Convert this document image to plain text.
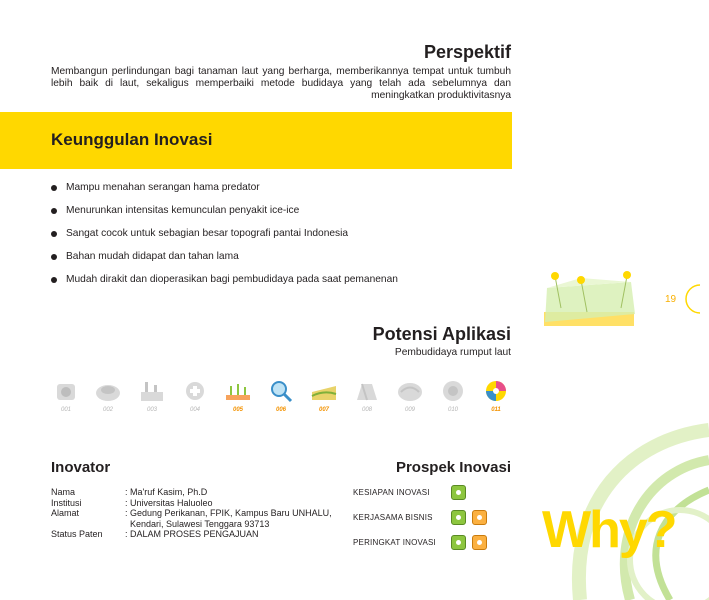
19
Perspektif
Membangun perlindungan bagi tanaman laut yang berharga, memberikannya tempat untuk tumbuh lebih baik di laut, sekaligus memperbaiki metode budidaya yang telah ada sebelumnya dan meningkatkan produktivitasnya
Keunggulan Inovasi
Mampu menahan serangan hama predator
Menurunkan intensitas kemunculan penyakit ice-ice
Sangat cocok untuk sebagian besar topografi pantai Indonesia
Bahan mudah didapat dan tahan lama
Mudah dirakit dan dioperasikan bagi pembudidaya pada saat pemanenan
Potensi Aplikasi
Pembudidaya rumput laut
001	002	003	004	005	006	007	008	009	010	011
Inovator
Nama	: Ma'ruf Kasim, Ph.D
Institusi	: Universitas Haluoleo
Alamat	: Gedung Perikanan, FPIK, Kampus Baru UNHALU,
Kendari, Sulawesi Tenggara 93713
Status Paten	: DALAM PROSES PENGAJUAN
Prospek Inovasi
KESIAPAN INOVASI
KERJASAMA BISNIS
PERINGKAT INOVASI Why?
